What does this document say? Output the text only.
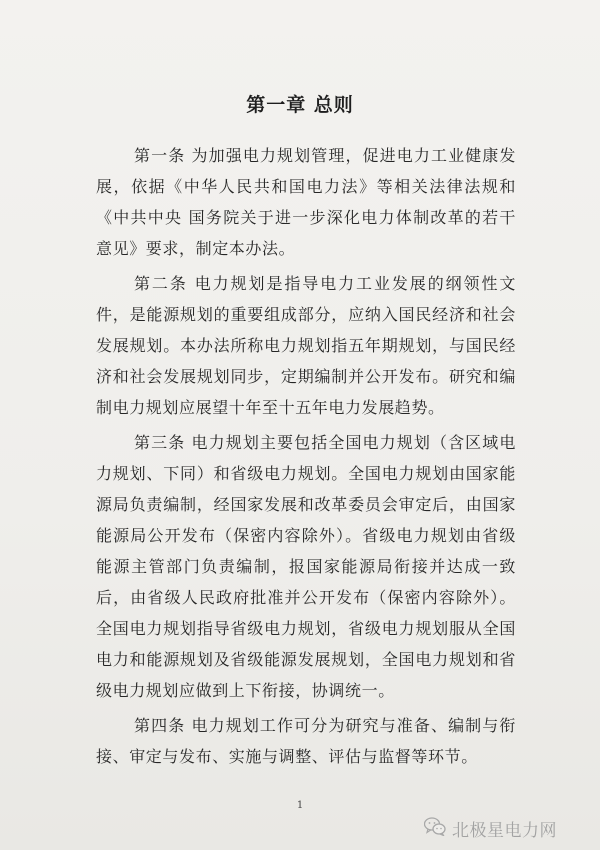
第一章 总则

第一条 为加强电力规划管理，促进电力工业健康发展，依据《中华人民共和国电力法》等相关法律法规和《中共中央 国务院关于进一步深化电力体制改革的若干意见》要求，制定本办法。

第二条 电力规划是指导电力工业发展的纲领性文件，是能源规划的重要组成部分，应纳入国民经济和社会发展规划。本办法所称电力规划指五年期规划，与国民经济和社会发展规划同步，定期编制并公开发布。研究和编制电力规划应展望十年至十五年电力发展趋势。

第三条 电力规划主要包括全国电力规划（含区域电力规划、下同）和省级电力规划。全国电力规划由国家能源局负责编制，经国家发展和改革委员会审定后，由国家能源局公开发布（保密内容除外）。省级电力规划由省级能源主管部门负责编制，报国家能源局衔接并达成一致后，由省级人民政府批准并公开发布（保密内容除外）。全国电力规划指导省级电力规划，省级电力规划服从全国电力和能源规划及省级能源发展规划，全国电力规划和省级电力规划应做到上下衔接，协调统一。

第四条 电力规划工作可分为研究与准备、编制与衔接、审定与发布、实施与调整、评估与监督等环节。

1
北极星电力网
